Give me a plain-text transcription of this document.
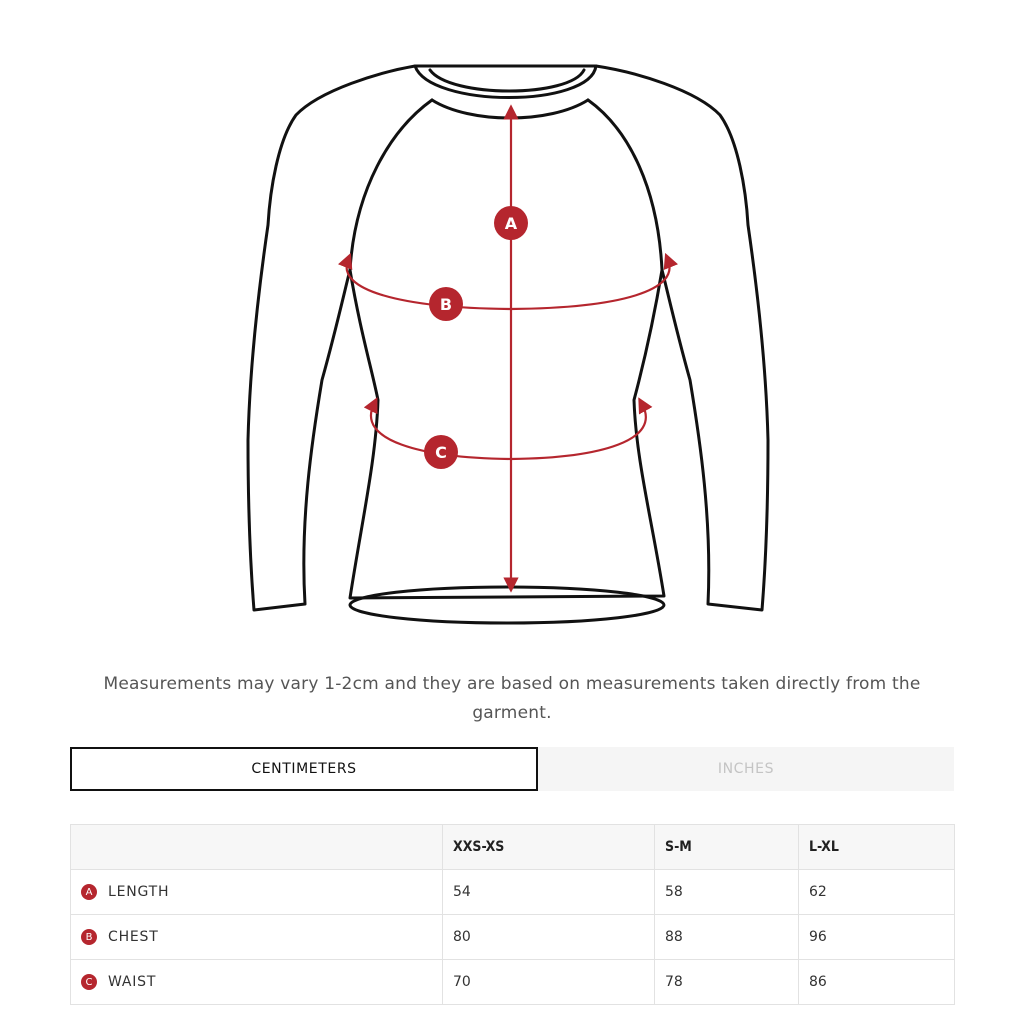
A
B
C
Measurements may vary 1-2cm and they are based on measurements taken directly from the garment.
CENTIMETERS	INCHES
	XXS-XS	S-M	L-XL

A LENGTH	54	58	62

B CHEST	80	88	96

C WAIST	70	78	86
